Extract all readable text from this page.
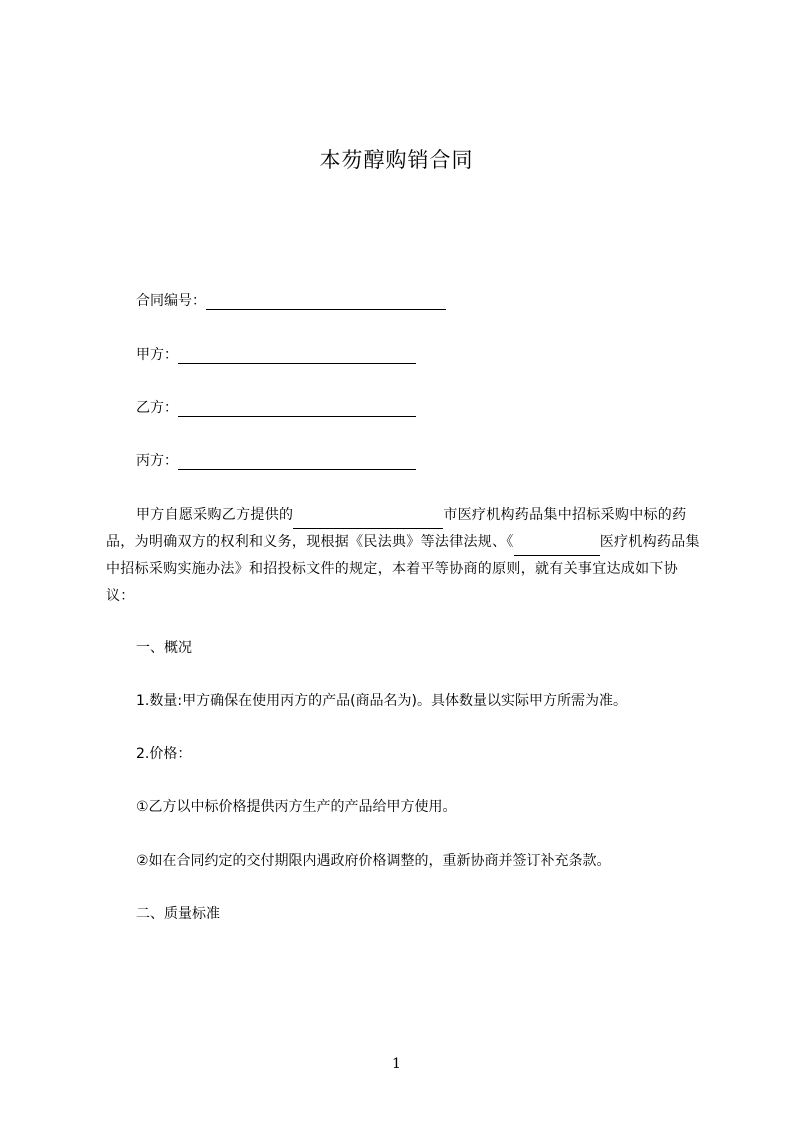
本芴醇购销合同
合同编号：
甲方：
乙方：
丙方：
甲方自愿采购乙方提供的	市医疗机构药品集中招标采购中标的药品，为明确双方的权利和义务，现根据《民法典》等法律法规、《	医疗机构药品集中招标采购实施办法》和招投标文件的规定，本着平等协商的原则，就有关事宜达成如下协议：
一、概况
1.数量:甲方确保在使用丙方的产品(商品名为)。具体数量以实际甲方所需为准。
2.价格：
①乙方以中标价格提供丙方生产的产品给甲方使用。
②如在合同约定的交付期限内遇政府价格调整的，重新协商并签订补充条款。
二、质量标准
1
